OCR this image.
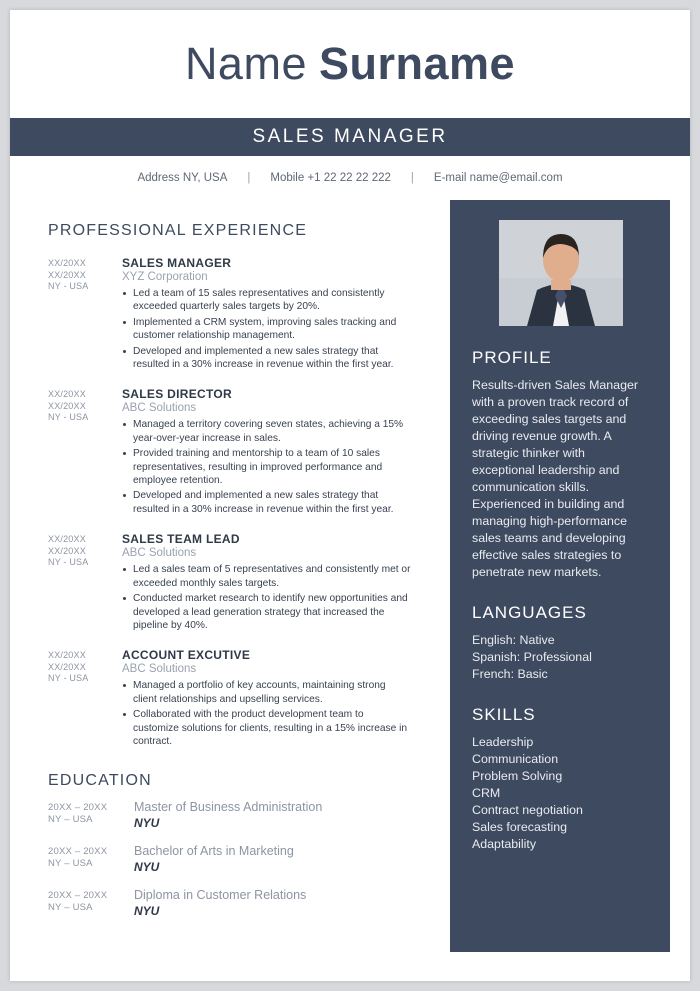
Name Surname
SALES MANAGER
Address NY, USA	|	Mobile +1 22 22 22 222	|	E-mail name@email.com
PROFESSIONAL EXPERIENCE
XX/20XX
XX/20XX
NY - USA
SALES MANAGER
XYZ Corporation
Led a team of 15 sales representatives and consistently exceeded quarterly sales targets by 20%.
Implemented a CRM system, improving sales tracking and customer relationship management.
Developed and implemented a new sales strategy that resulted in a 30% increase in revenue within the first year.
XX/20XX
XX/20XX
NY - USA
SALES DIRECTOR
ABC Solutions
Managed a territory covering seven states, achieving a 15% year-over-year increase in sales.
Provided training and mentorship to a team of 10 sales representatives, resulting in improved performance and employee retention.
Developed and implemented a new sales strategy that resulted in a 30% increase in revenue within the first year.
XX/20XX
XX/20XX
NY - USA
SALES TEAM LEAD
ABC Solutions
Led a sales team of 5 representatives and consistently met or exceeded monthly sales targets.
Conducted market research to identify new opportunities and developed a lead generation strategy that increased the pipeline by 40%.
XX/20XX
XX/20XX
NY - USA
ACCOUNT EXCUTIVE
ABC Solutions
Managed a portfolio of key accounts, maintaining strong client relationships and upselling services.
Collaborated with the product development team to customize solutions for clients, resulting in a 15% increase in contract.
EDUCATION
20XX – 20XX
NY – USA
Master of Business Administration
NYU
20XX – 20XX
NY – USA
Bachelor of Arts in Marketing
NYU
20XX – 20XX
NY – USA
Diploma in Customer Relations
NYU
PROFILE
Results-driven Sales Manager with a proven track record of exceeding sales targets and driving revenue growth. A strategic thinker with exceptional leadership and communication skills. Experienced in building and managing high-performance sales teams and developing effective sales strategies to penetrate new markets.
LANGUAGES
English: Native
Spanish: Professional
French: Basic
SKILLS
Leadership
Communication
Problem Solving
CRM
Contract negotiation
Sales forecasting
Adaptability
